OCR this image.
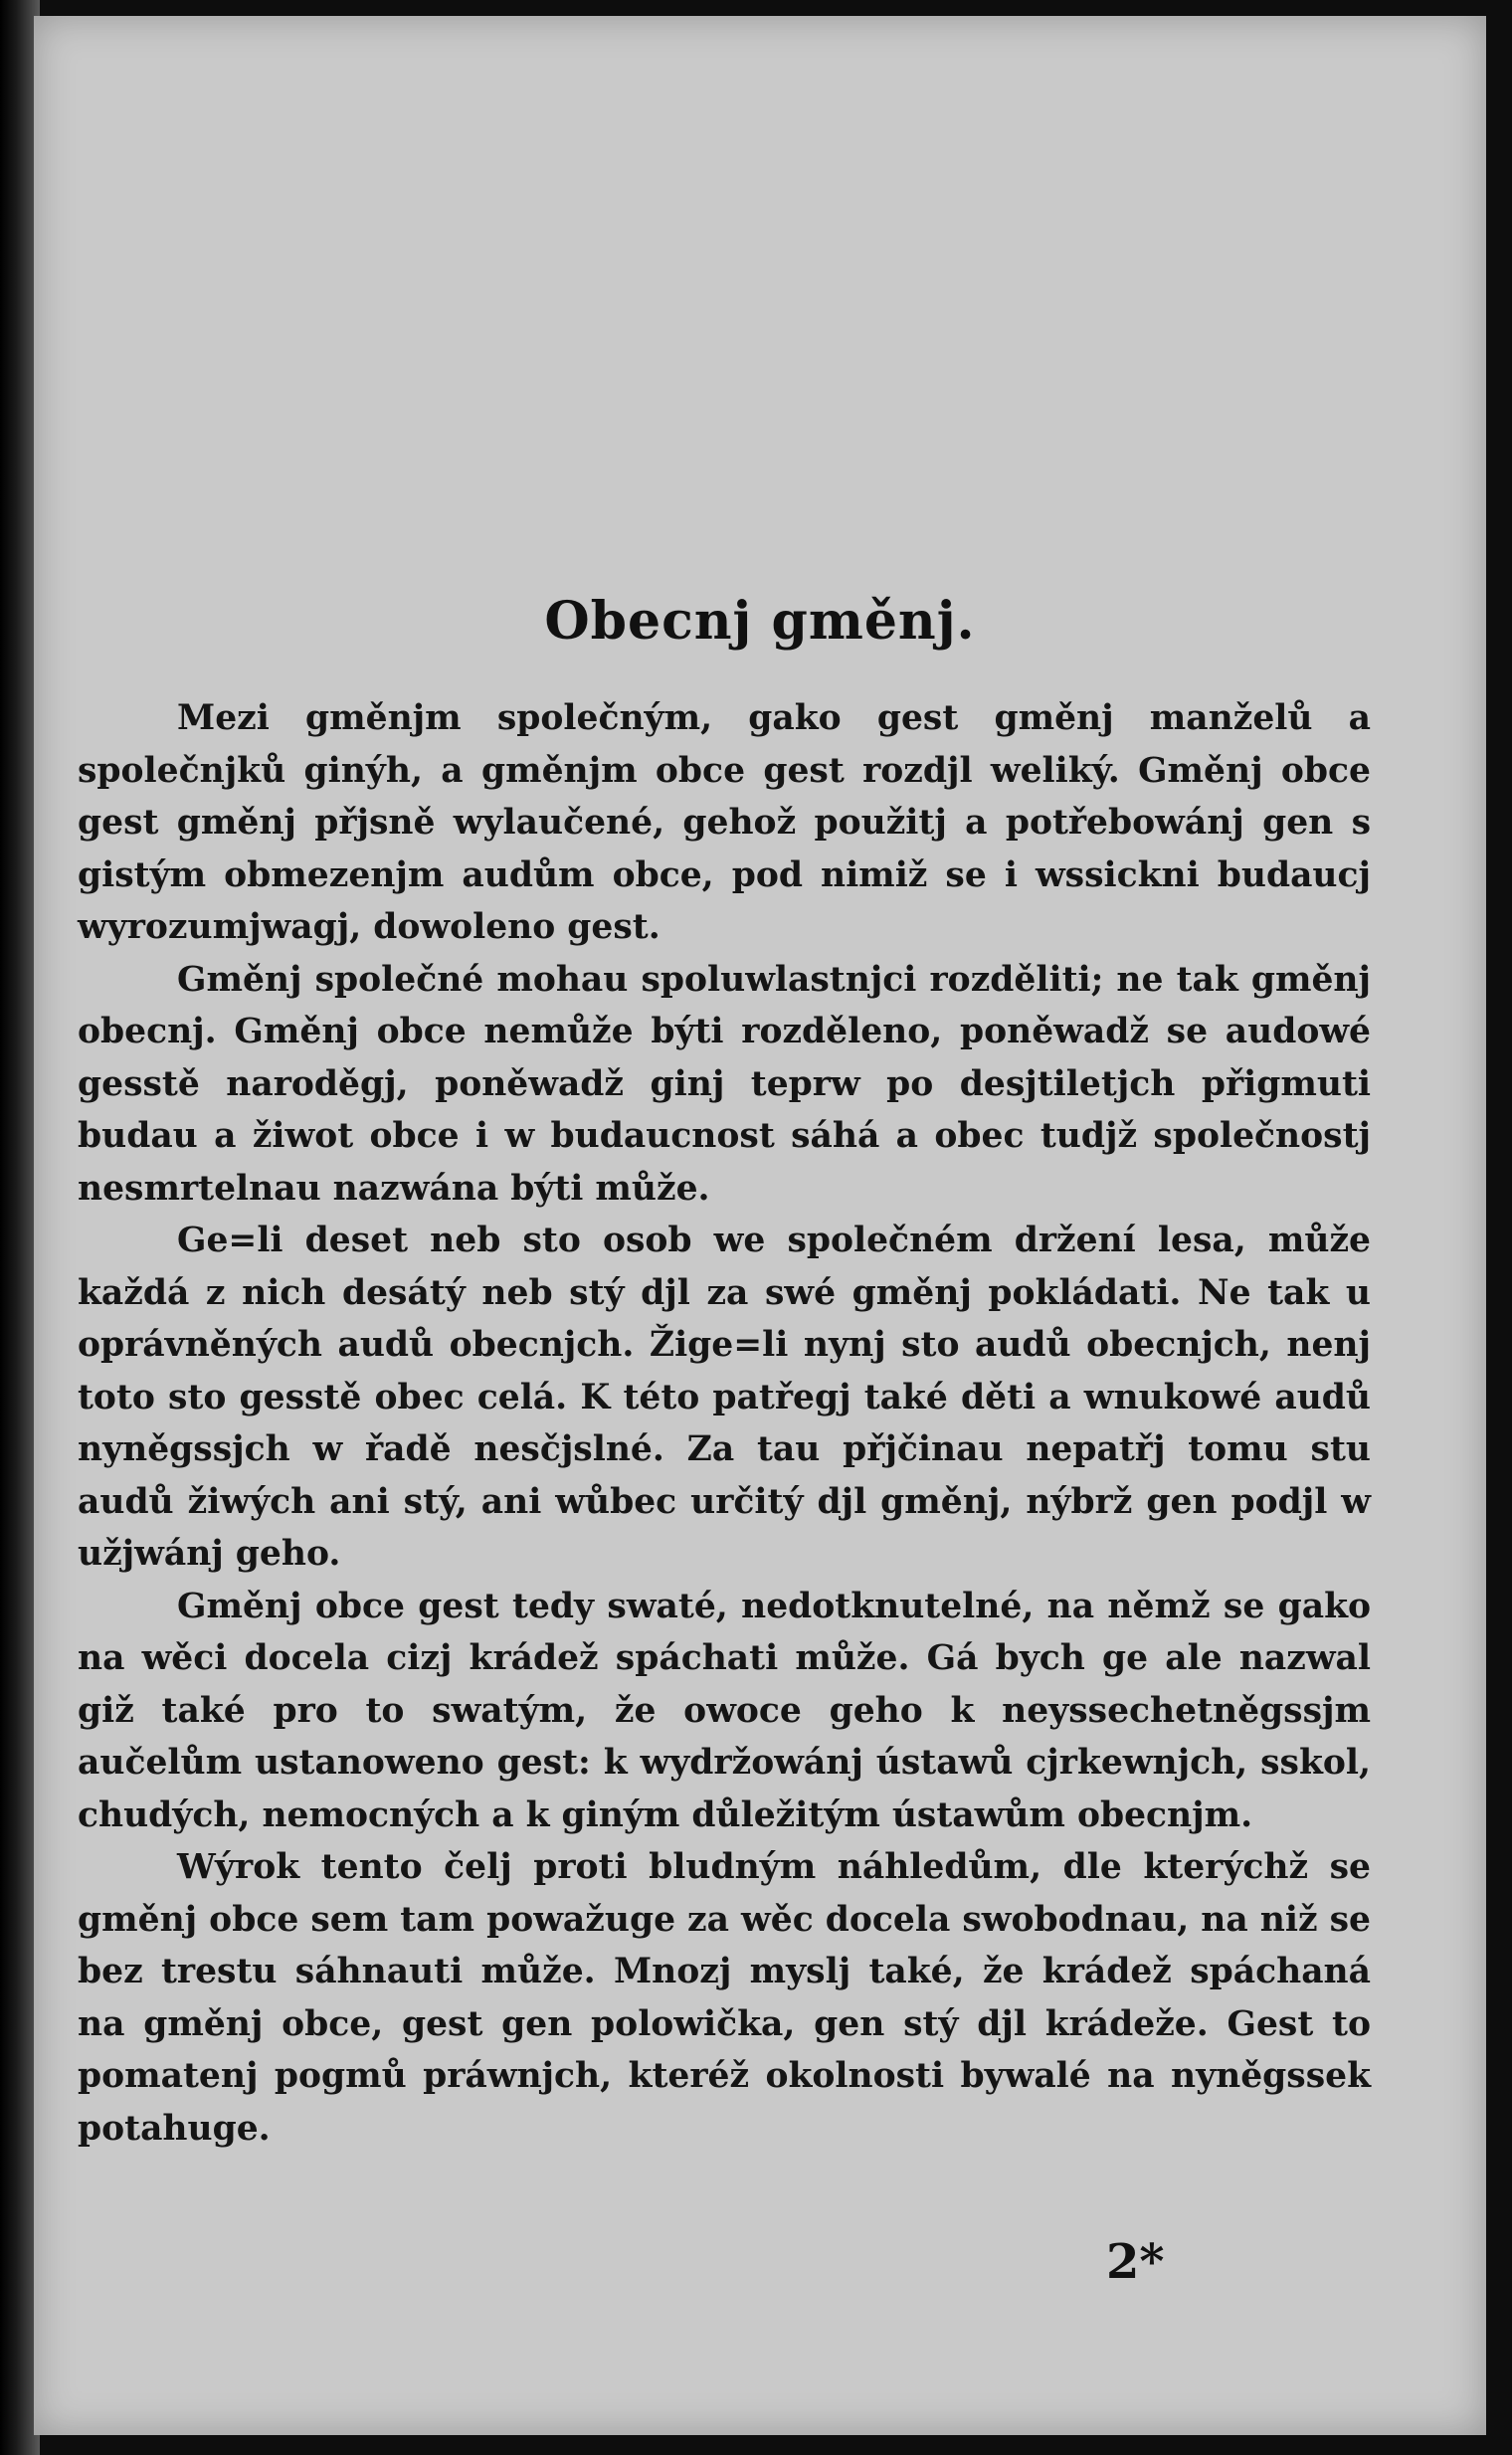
Obecnj gměnj.

Mezi gměnjm společným, gako gest gměnj manželů a společnjků ginýh, a gměnjm obce gest rozdjl weliký. Gměnj obce gest gměnj přjsně wylaučené, gehož použitj a potřebowánj gen s gistým obmezenjm audům obce, pod nimiž se i wssickni budaucj wyrozumjwagj, dowoleno gest.

Gměnj společné mohau spoluwlastnjci rozděliti; ne tak gměnj obecnj. Gměnj obce nemůže býti rozděleno, poněwadž se audowé gesstě naroděgj, poněwadž ginj teprw po desjtiletjch přigmuti budau a žiwot obce i w budaucnost sáhá a obec tudjž společnostj nesmrtelnau nazwána býti může.

Ge=li deset neb sto osob we společném držení lesa, může každá z nich desátý neb stý djl za swé gměnj pokládati. Ne tak u oprávněných audů obecnjch. Žige=li nynj sto audů obecnjch, nenj toto sto gesstě obec celá. K této patřegj také děti a wnukowé audů nyněgssjch w řadě nesčjslné. Za tau přjčinau nepatřj tomu stu audů žiwých ani stý, ani wůbec určitý djl gměnj, nýbrž gen podjl w užjwánj geho.

Gměnj obce gest tedy swaté, nedotknutelné, na němž se gako na wěci docela cizj krádež spáchati může. Gá bych ge ale nazwal giž také pro to swatým, že owoce geho k neyssechetněgssjm aučelům ustanoweno gest: k wydržowánj ústawů cjrkewnjch, sskol, chudých, nemocných a k giným důležitým ústawům obecnjm.

Wýrok tento čelj proti bludným náhledům, dle kterýchž se gměnj obce sem tam powažuge za wěc docela swobodnau, na niž se bez trestu sáhnauti může. Mnozj myslj také, že krádež spáchaná na gměnj obce, gest gen polowička, gen stý djl krádeže. Gest to pomatenj pogmů práwnjch, kteréž okolnosti bywalé na nyněgssek potahuge.

2*
